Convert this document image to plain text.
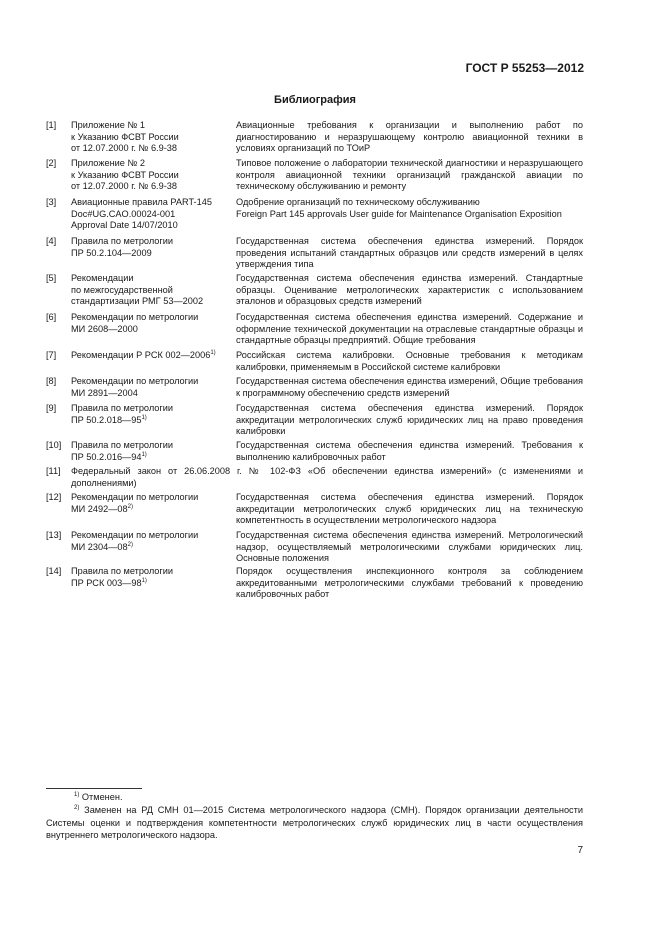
ГОСТ Р 55253—2012
Библиография
[1] Приложение № 1
к Указанию ФСВТ России
от 12.07.2000 г. № 6.9-38
Авиационные требования к организации и выполнению работ по диагностированию и неразрушающему контролю авиационной техники в условиях организаций по ТОиР
[2] Приложение № 2
к Указанию ФСВТ России
от 12.07.2000 г. № 6.9-38
Типовое положение о лаборатории технической диагностики и неразрушающего контроля авиационной техники организаций гражданской авиации по техническому обслуживанию и ремонту
[3] Авиационные правила PART-145
Doc#UG.CAO.00024-001
Approval Date 14/07/2010
Одобрение организаций по техническому обслуживанию
Foreign Part 145 approvals User guide for Maintenance Organisation Exposition
[4] Правила по метрологии
ПР 50.2.104—2009
Государственная система обеспечения единства измерений. Порядок проведения испытаний стандартных образцов или средств измерений в целях утверждения типа
[5] Рекомендации
по межгосударственной
стандартизации РМГ 53—2002
Государственная система обеспечения единства измерений. Стандартные образцы. Оценивание метрологических характеристик с использованием эталонов и образцовых средств измерений
[6] Рекомендации по метрологии
МИ 2608—2000
Государственная система обеспечения единства измерений. Содержание и оформление технической документации на отраслевые стандартные образцы и стандартные образцы предприятий. Общие требования
[7] Рекомендации Р РСК 002—2006$^{1)}$	Российская система калибровки. Основные требования к методикам калибровки, применяемым в Российской системе калибровки
[8] Рекомендации по метрологии
МИ 2891—2004
Государственная система обеспечения единства измерений, Общие требования к программному обеспечению средств измерений
[9] Правила по метрологии
ПР 50.2.018—95$^{1)}$
Государственная система обеспечения единства измерений. Порядок аккредитации метрологических служб юридических лиц на право проведения калибровки
[10] Правила по метрологии
ПР 50.2.016—94$^{1)}$
Государственная система обеспечения единства измерений. Требования к выполнению калибровочных работ
[11] Федеральный закон от 26.06.2008 г. № 102-ФЗ «Об обеспечении единства измерений» (с изменениями и дополнениями)
[12] Рекомендации по метрологии
МИ 2492—08$^{2)}$
Государственная система обеспечения единства измерений. Порядок аккредитации метрологических служб юридических лиц на техническую компетентность в осуществлении метрологического надзора
[13] Рекомендации по метрологии
МИ 2304—08$^{2)}$
Государственная система обеспечения единства измерений. Метрологический надзор, осуществляемый метрологическими службами юридических лиц. Основные положения
[14] Правила по метрологии
ПР РСК 003—98$^{1)}$
Порядок осуществления инспекционного контроля за соблюдением аккредитованными метрологическими службами требований к проведению калибровочных работ
$^{1)}$ Отменен.
$^{2)}$ Заменен на РД СМН 01—2015 Система метрологического надзора (СМН). Порядок организации деятельности Системы оценки и подтверждения компетентности метрологических служб юридических лиц в части осуществления внутреннего метрологического надзора.
7
